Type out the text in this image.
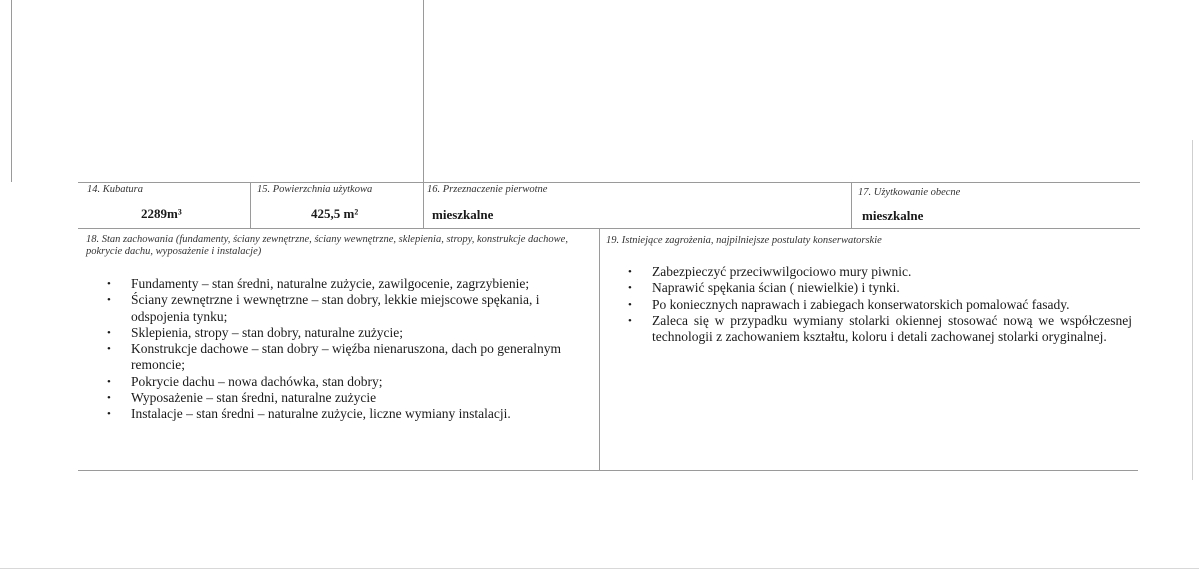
14. Kubatura
2289m³
15. Powierzchnia użytkowa
425,5 m²
16. Przeznaczenie pierwotne
mieszkalne
17. Użytkowanie obecne
mieszkalne
18. Stan zachowania (fundamenty, ściany zewnętrzne, ściany wewnętrzne, sklepienia, stropy, konstrukcje dachowe, pokrycie dachu, wyposażenie i instalacje)
• Fundamenty – stan średni, naturalne zużycie, zawilgocenie, zagrzybienie;
• Ściany zewnętrzne i wewnętrzne – stan dobry, lekkie miejscowe spękania, i odspojenia tynku;
• Sklepienia, stropy – stan dobry, naturalne zużycie;
• Konstrukcje dachowe – stan dobry – więźba nienaruszona, dach po generalnym remoncie;
• Pokrycie dachu – nowa dachówka, stan dobry;
• Wyposażenie – stan średni, naturalne zużycie
• Instalacje – stan średni – naturalne zużycie, liczne wymiany instalacji.
19. Istniejące zagrożenia, najpilniejsze postulaty konserwatorskie
• Zabezpieczyć przeciwwilgociowo mury piwnic.
• Naprawić spękania ścian ( niewielkie) i tynki.
• Po koniecznych naprawach i zabiegach konserwatorskich pomalować fasady.
• Zaleca się w przypadku wymiany stolarki okiennej stosować nową we współczesnej technologii z zachowaniem kształtu, koloru i detali zachowanej stolarki oryginalnej.
